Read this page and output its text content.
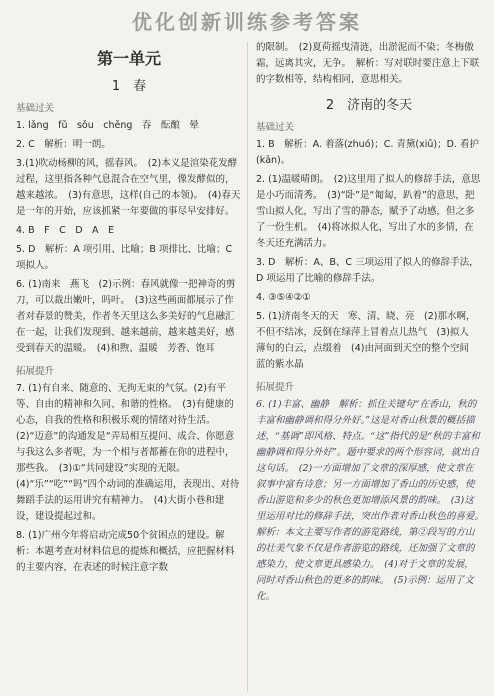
优化创新训练参考答案
第一单元
1　春
基础过关
1. lǎng　fǔ　sǒu　chěng　吞　酝酿　晕
2. C　解析：明一朗。
3.(1)吹动杨柳的风，摇春风。　(2)本义是渲染花发酵过程，这里指各种气息混合在空气里，像发酵似的，越来越浓。　(3)有意思，这样(自己的本领)。　(4)春天是一年的开始，应该抓紧一年要做的事尽早安排好。
4. B　F　C　D　A　E
5. D　解析：A 项引用、比喻；B 项排比、比喻；C 项拟人。
6. (1)南来　燕飞　(2)示例：春风就像一把神奇的剪刀，可以裁出嫩叶，吗叶。　(3)这些画面都展示了作者对春景的赞美，作者冬天里这么多美好的气息融汇在一起，让我们发现到、越来越前，越来越美好，感受到春天的温暖。　(4)和煦、温暖　芳香、饱耳
拓展提升
7. (1)有自来、随意的、无拘无束的气氛。(2)有平等、自由的精神和久同、和谐的性格。　(3)有健康的心态，自我的性格和积极乐观的情绪对待生活。　(2)“迈意”的沟通发是“弄局相互提问、成合、你愿意与我这么多者呢，为一个相与者都蓄在你的进程中，那些我。　(3)①“共同建设”实现的无限。(4)“乐”“吃”“吗”四个动词的准确运用，表现出、对待舞蹈手法的运用讲究有精神力。　(4)大街小巷和建设，建设提起过和。
8. (1)广州今年将启动完成50个贫困点的建设。解析：本题考查对材料信息的提炼和概括，应把握材料的主要内容，在表述的时候注意字数
的限制。　(2)夏荷摇曳清涟，出淤泥而不染；冬梅傲霜，远离其灾，无争。　解析：写对联时要注意上下联的字数相等，结构相同，意思相关。
2　济南的冬天
基础过关
1. B　解析：A. 着落(zhuó)；C. 青黛(xiǔ)；D. 看护(kān)。
2. (1)温暖晴朗。　(2)这里用了拟人的修辞手法，意思是小巧而清秀。　(3)“卧”是“匍匐，趴着”的意思，把雪山拟人化，写出了雪的静态，赋予了动感，但之多了一份生机。　(4)将冰拟人化，写出了水的多情，在冬天还充满活力。
3. D　解析：A、B、C 三项运用了拟人的修辞手法，D 项运用了比喻的修辞手法。
4. ③⑤④②①
5. (1)济南冬天的天　寒、清、晓、亮　(2)那水啊，不但不结冰，反倒在绿萍上冒着点儿热气　(3)拟人　薄旬的白云，点缀着　(4)由河面到天空的整个空间　蓝的紫水晶
拓展提升
6. (1)丰富、幽静　解析：抓住关键句“在香山，秋的丰富和幽静调和得分外好。”这是对香山秋景的概括描述，“基调”即风格、特点。“这”指代的是“秋的丰富和幽静调和得分外好”。题中要求的两个形容词，就出自这句话。　(2)一方面增加了文章的深厚感，使文章在叙事中富有诗意；另一方面增加了香山的历史感，使香山游览和多少的秋色更加增添风景的韵味。　(3)这里运用对比的修辞手法，突出作者对香山秋色的喜爱。　解析：本文主要写作者的游览路线，第②段写的方山的壮美气象不仅是作者游览的路线，还加强了文章的感染力，使文章更具感染力。　(4)对于文章的发展，同时对香山秋色的更多的韵味。　(5)示例：运用了文化。
